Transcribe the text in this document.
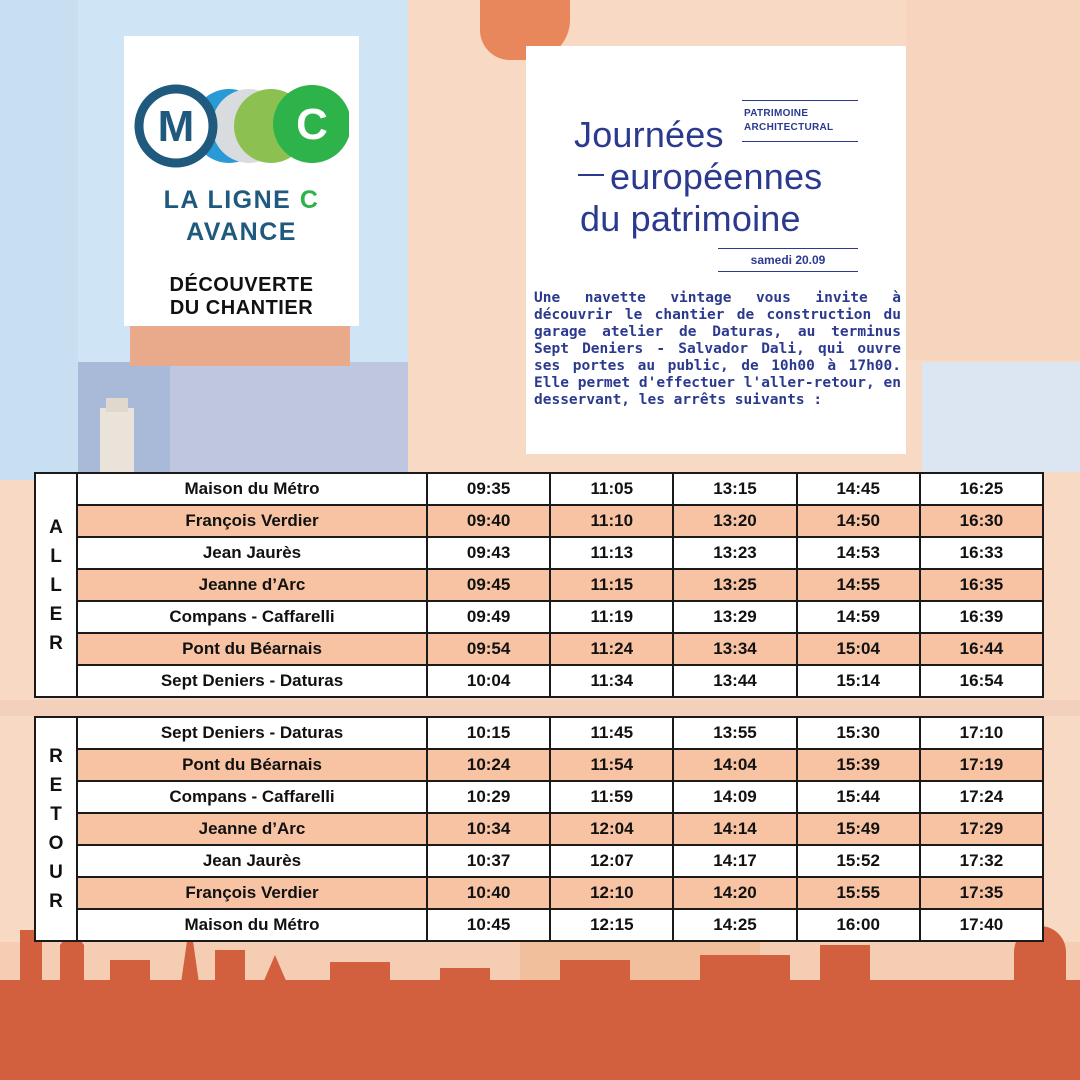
M C
LA LIGNE C
AVANCE
DÉCOUVERTE
DU CHANTIER
PATRIMOINE
ARCHITECTURAL
Journées
européennes
du patrimoine
samedi 20.09
Une navette vintage vous invite à découvrir le chantier de construction du garage atelier de Daturas, au terminus Sept Deniers - Salvador Dali, qui ouvre ses portes au public, de 10h00 à 17h00. Elle permet d'effectuer l'aller-retour, en desservant, les arrêts suivants :
A
L
L
E
R
Maison du Métro	09:35	11:05	13:15	14:45	16:25
François Verdier	09:40	11:10	13:20	14:50	16:30
Jean Jaurès	09:43	11:13	13:23	14:53	16:33
Jeanne d’Arc	09:45	11:15	13:25	14:55	16:35
Compans - Caffarelli	09:49	11:19	13:29	14:59	16:39
Pont du Béarnais	09:54	11:24	13:34	15:04	16:44
Sept Deniers - Daturas	10:04	11:34	13:44	15:14	16:54
R
E
T
O
U
R
Sept Deniers - Daturas	10:15	11:45	13:55	15:30	17:10
Pont du Béarnais	10:24	11:54	14:04	15:39	17:19
Compans - Caffarelli	10:29	11:59	14:09	15:44	17:24
Jeanne d’Arc	10:34	12:04	14:14	15:49	17:29
Jean Jaurès	10:37	12:07	14:17	15:52	17:32
François Verdier	10:40	12:10	14:20	15:55	17:35
Maison du Métro	10:45	12:15	14:25	16:00	17:40
